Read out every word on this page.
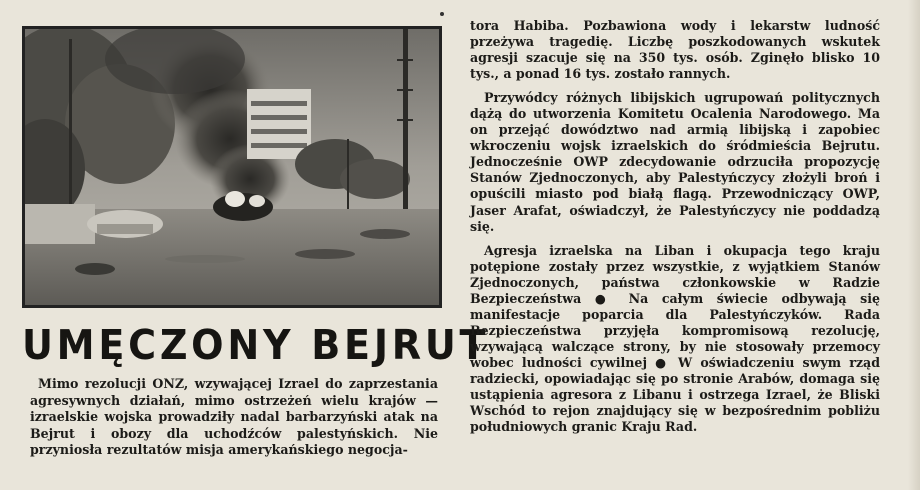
UMĘCZONY BEJRUT

Mimo rezolucji ONZ, wzywającej Izrael do zaprzestania agresywnych działań, mimo ostrzeżeń wielu krajów — izraelskie wojska prowadziły nadal barbarzyński atak na Bejrut i obozy dla uchodźców palestyńskich. Nie przyniosła rezultatów misja amerykańskiego negocja-

tora Habiba. Pozbawiona wody i lekarstw ludność przeżywa tragedię. Liczbę poszkodowanych wskutek agresji szacuje się na 350 tys. osób. Zginęło blisko 10 tys., a ponad 16 tys. zostało rannych.

Przywódcy różnych libijskich ugrupowań politycznych dążą do utworzenia Komitetu Ocalenia Narodowego. Ma on przejąć dowództwo nad armią libijską i zapobiec wkroczeniu wojsk izraelskich do śródmieścia Bejrutu. Jednocześnie OWP zdecydowanie odrzuciła propozycję Stanów Zjednoczonych, aby Palestyńczycy złożyli broń i opuścili miasto pod białą flagą. Przewodniczący OWP, Jaser Arafat, oświadczył, że Palestyńczycy nie poddadzą się.

Agresja izraelska na Liban i okupacja tego kraju potępione zostały przez wszystkie, z wyjątkiem Stanów Zjednoczonych, państwa członkowskie w Radzie Bezpieczeństwa ● Na całym świecie odbywają się manifestacje poparcia dla Palestyńczyków. Rada Bezpieczeństwa przyjęła kompromisową rezolucję, wzywającą walczące strony, by nie stosowały przemocy wobec ludności cywilnej ● W oświadczeniu swym rząd radziecki, opowiadając się po stronie Arabów, domaga się ustąpienia agresora z Libanu i ostrzega Izrael, że Bliski Wschód to rejon znajdujący się w bezpośrednim pobliżu południowych granic Kraju Rad.
